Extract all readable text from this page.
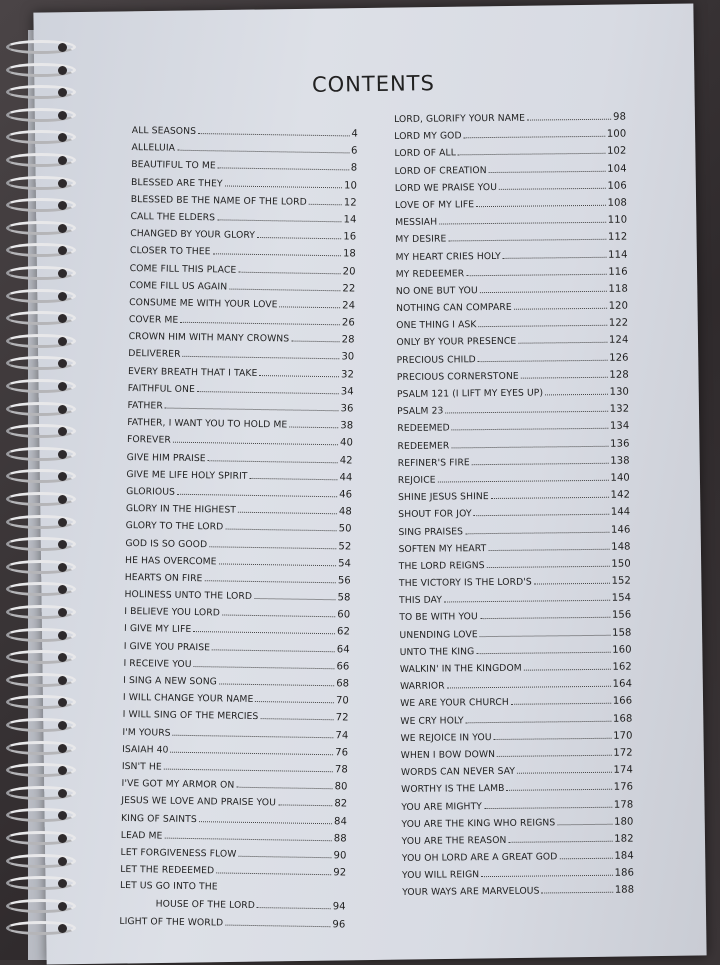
CONTENTS
ALL SEASONS	4
ALLELUIA	6
BEAUTIFUL TO ME	8
BLESSED ARE THEY	10
BLESSED BE THE NAME OF THE LORD	12
CALL THE ELDERS	14
CHANGED BY YOUR GLORY	16
CLOSER TO THEE	18
COME FILL THIS PLACE	20
COME FILL US AGAIN	22
CONSUME ME WITH YOUR LOVE	24
COVER ME	26
CROWN HIM WITH MANY CROWNS	28
DELIVERER	30
EVERY BREATH THAT I TAKE	32
FAITHFUL ONE	34
FATHER	36
FATHER, I WANT YOU TO HOLD ME	38
FOREVER	40
GIVE HIM PRAISE	42
GIVE ME LIFE HOLY SPIRIT	44
GLORIOUS	46
GLORY IN THE HIGHEST	48
GLORY TO THE LORD	50
GOD IS SO GOOD	52
HE HAS OVERCOME	54
HEARTS ON FIRE	56
HOLINESS UNTO THE LORD	58
I BELIEVE YOU LORD	60
I GIVE MY LIFE	62
I GIVE YOU PRAISE	64
I RECEIVE YOU	66
I SING A NEW SONG	68
I WILL CHANGE YOUR NAME	70
I WILL SING OF THE MERCIES	72
I'M YOURS	74
ISAIAH 40	76
ISN'T HE	78
I'VE GOT MY ARMOR ON	80
JESUS WE LOVE AND PRAISE YOU	82
KING OF SAINTS	84
LEAD ME	88
LET FORGIVENESS FLOW	90
LET THE REDEEMED	92
LET US GO INTO THE
HOUSE OF THE LORD	94
LIGHT OF THE WORLD	96
LORD, GLORIFY YOUR NAME	98
LORD MY GOD	100
LORD OF ALL	102
LORD OF CREATION	104
LORD WE PRAISE YOU	106
LOVE OF MY LIFE	108
MESSIAH	110
MY DESIRE	112
MY HEART CRIES HOLY	114
MY REDEEMER	116
NO ONE BUT YOU	118
NOTHING CAN COMPARE	120
ONE THING I ASK	122
ONLY BY YOUR PRESENCE	124
PRECIOUS CHILD	126
PRECIOUS CORNERSTONE	128
PSALM 121 (I LIFT MY EYES UP)	130
PSALM 23	132
REDEEMED	134
REDEEMER	136
REFINER'S FIRE	138
REJOICE	140
SHINE JESUS SHINE	142
SHOUT FOR JOY	144
SING PRAISES	146
SOFTEN MY HEART	148
THE LORD REIGNS	150
THE VICTORY IS THE LORD'S	152
THIS DAY	154
TO BE WITH YOU	156
UNENDING LOVE	158
UNTO THE KING	160
WALKIN' IN THE KINGDOM	162
WARRIOR	164
WE ARE YOUR CHURCH	166
WE CRY HOLY	168
WE REJOICE IN YOU	170
WHEN I BOW DOWN	172
WORDS CAN NEVER SAY	174
WORTHY IS THE LAMB	176
YOU ARE MIGHTY	178
YOU ARE THE KING WHO REIGNS	180
YOU ARE THE REASON	182
YOU OH LORD ARE A GREAT GOD	184
YOU WILL REIGN	186
YOUR WAYS ARE MARVELOUS	188
